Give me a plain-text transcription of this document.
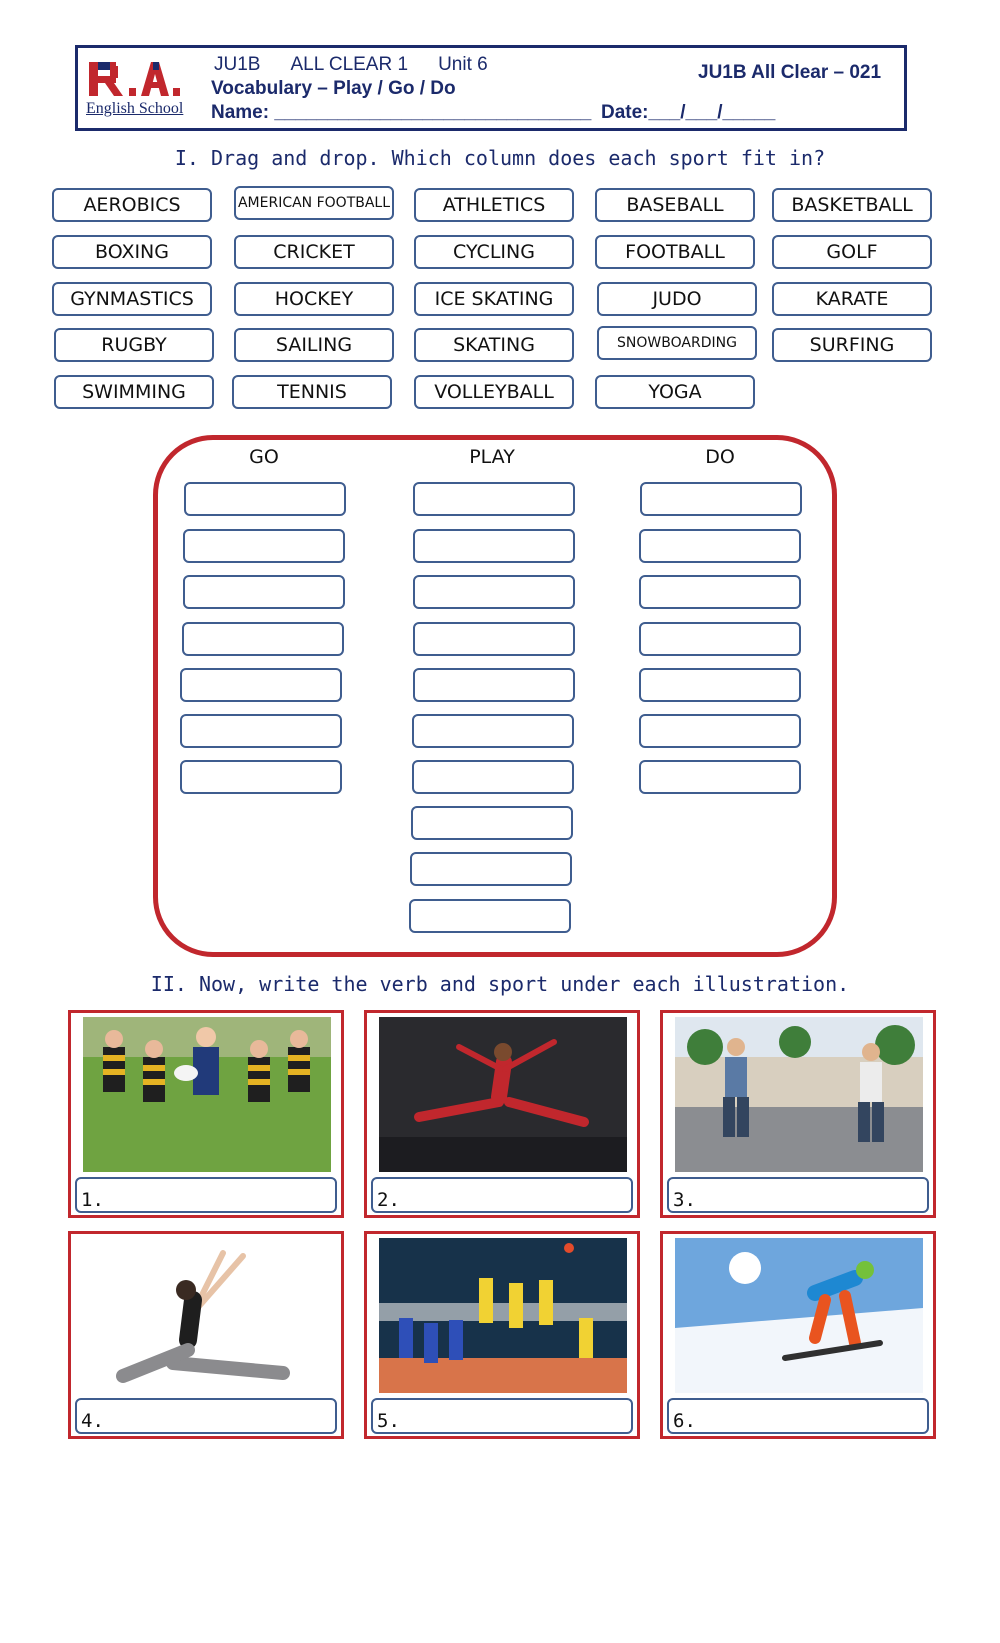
English School
JU1B ALL CLEAR 1 Unit 6
Vocabulary – Play / Go / Do
Name: ______________________________ Date:___/___/_____
JU1B All Clear – 021
I. Drag and drop. Which column does each sport fit in?
AEROBICS	AMERICAN FOOTBALL	ATHLETICS	BASEBALL	BASKETBALL
BOXING	CRICKET	CYCLING	FOOTBALL	GOLF
GYNMASTICS	HOCKEY	ICE SKATING	JUDO	KARATE
RUGBY	SAILING	SKATING	SNOWBOARDING	SURFING
SWIMMING	TENNIS	VOLLEYBALL	YOGA
GO	PLAY	DO
II. Now, write the verb and sport under each illustration.
1.	2.	3.
4.	5.	6.
